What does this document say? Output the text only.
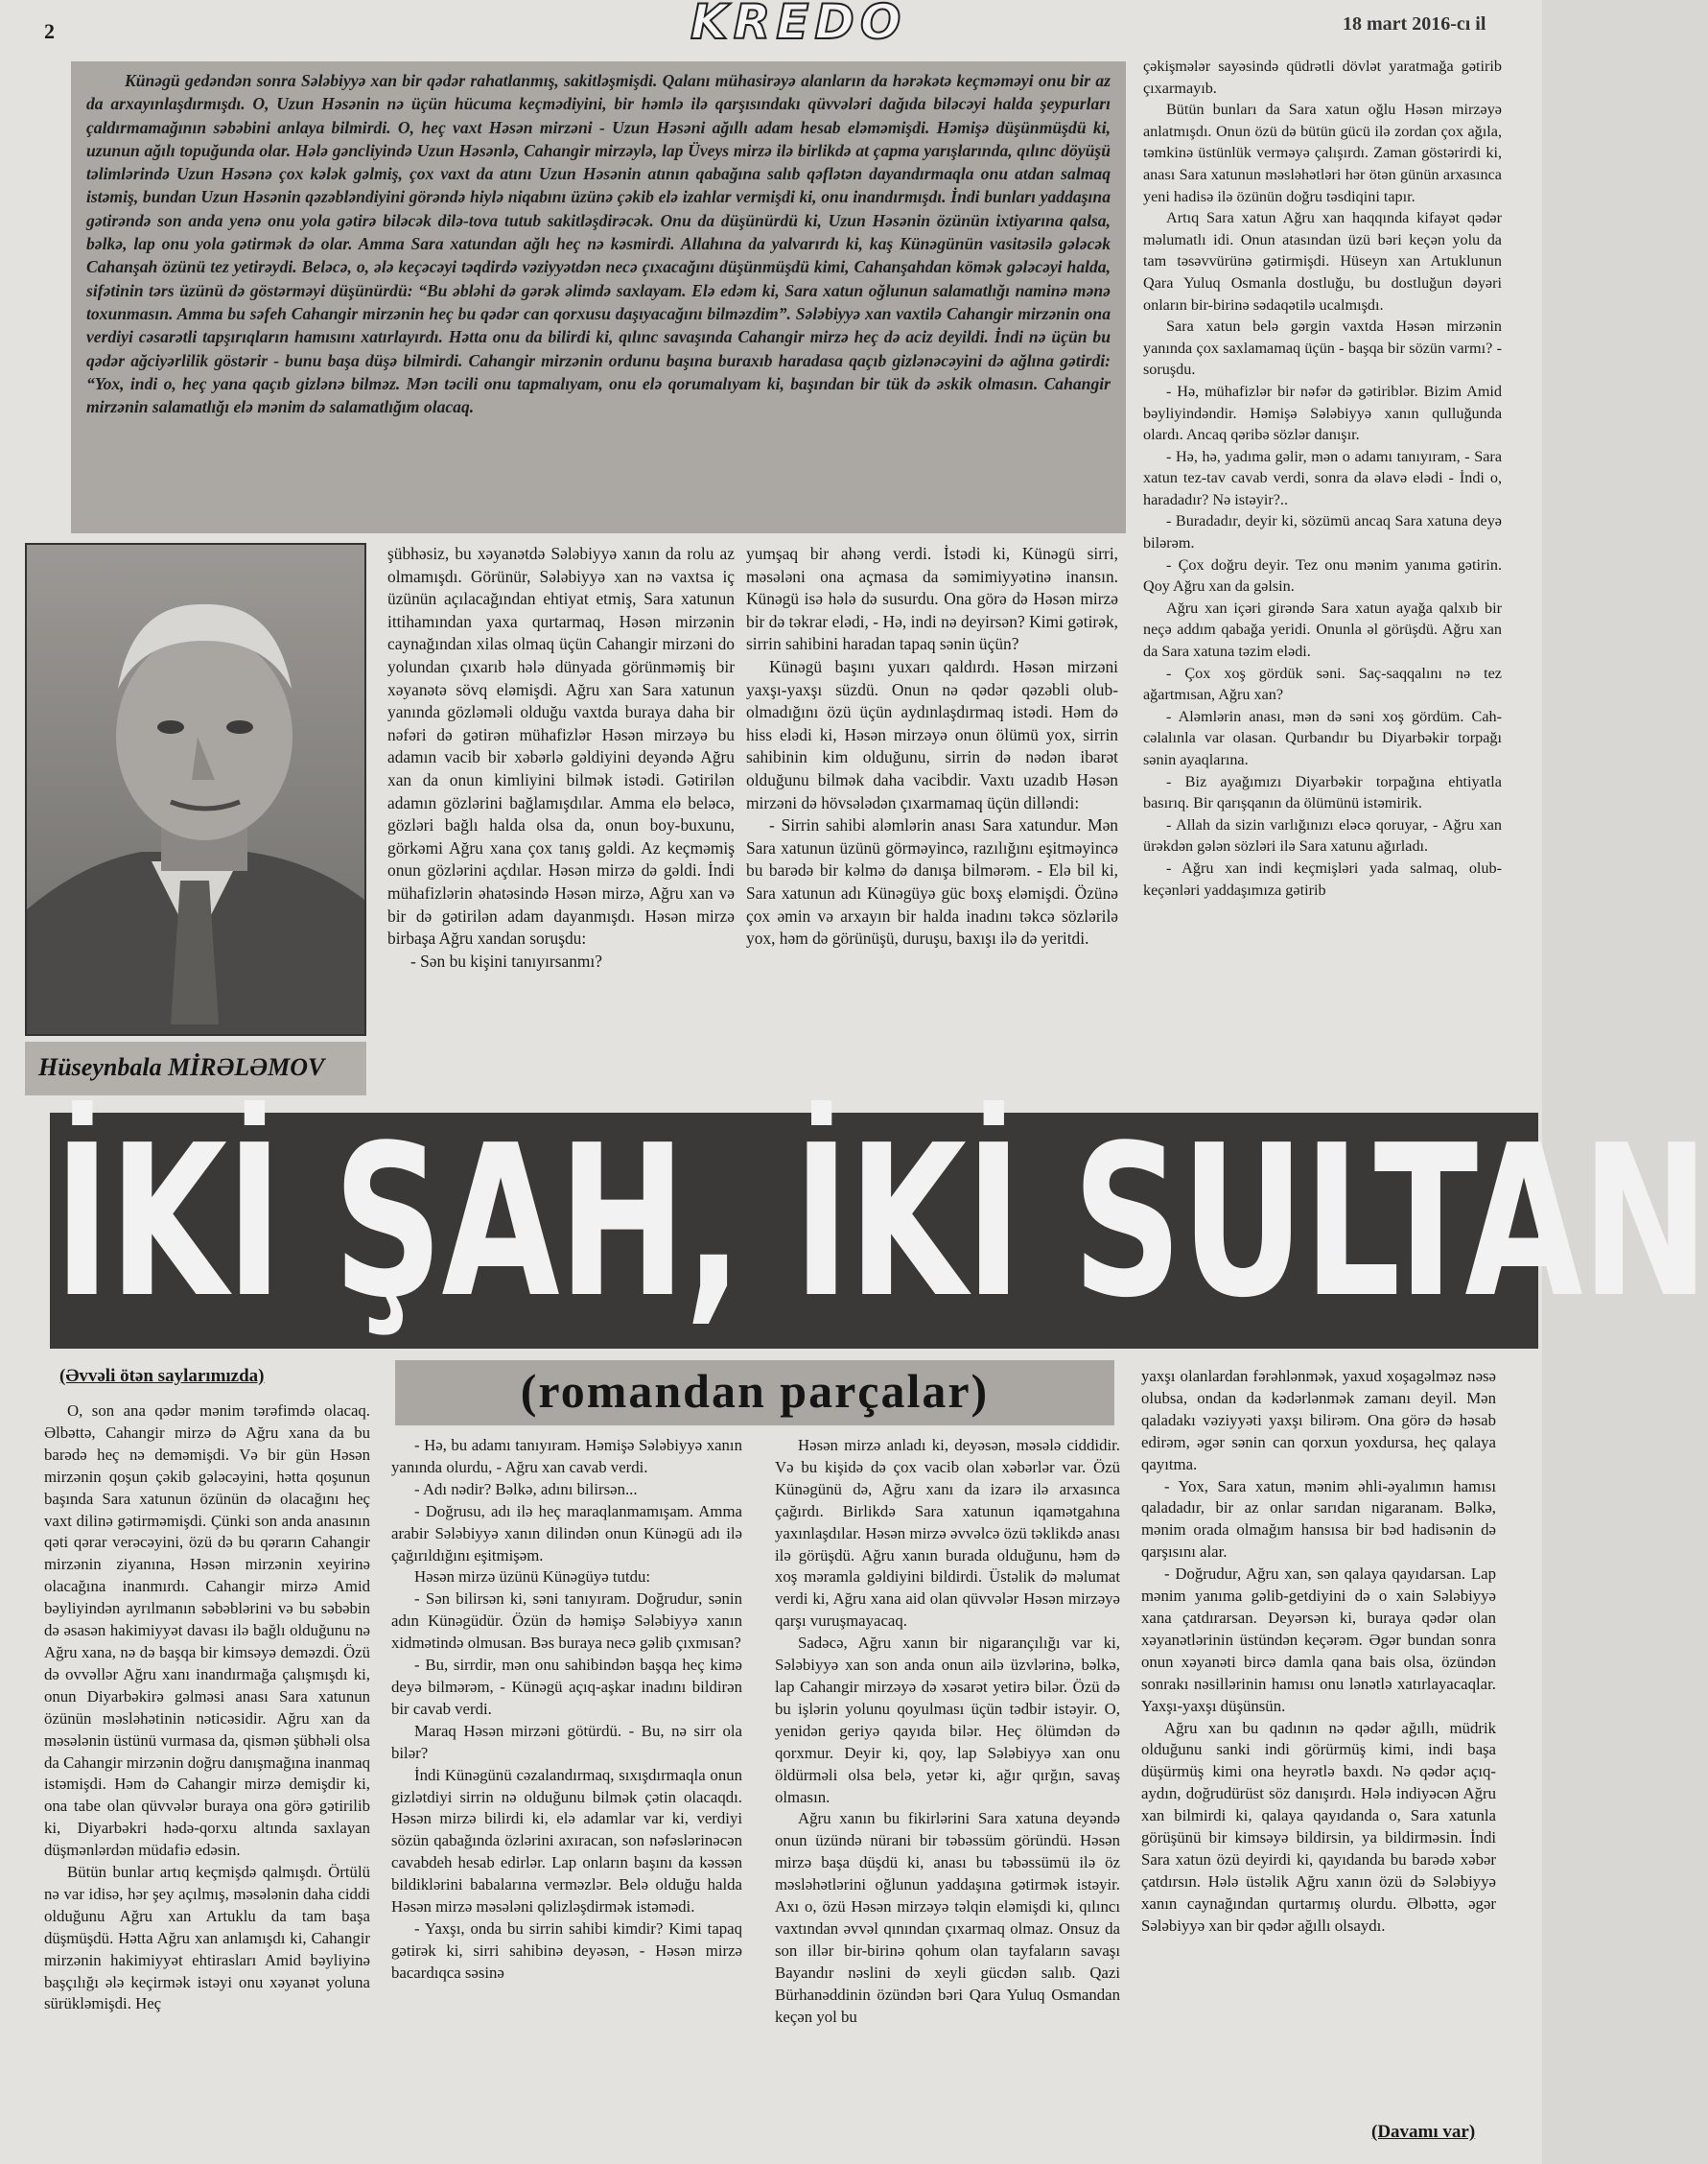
2	KREDO	18 mart 2016-cı il

Künəgü gedəndən sonra Sələbiyyə xan bir qədər rahatlanmış, sakitləşmişdi. Qalanı mühasirəyə alanların da hərəkətə keçməməyi onu bir az da arxayınlaşdırmışdı. O, Uzun Həsənin nə üçün hücuma keçmədiyini, bir həmlə ilə qarşısındakı qüvvələri dağıda biləcəyi halda şeypurları çaldırmamağının səbəbini anlaya bilmirdi. O, heç vaxt Həsən mirzəni - Uzun Həsəni ağıllı adam hesab eləməmişdi. Həmişə düşünmüşdü ki, uzunun ağılı topuğunda olar. Hələ gəncliyində Uzun Həsənlə, Cahangir mirzəylə, lap Üveys mirzə ilə birlikdə at çapma yarışlarında, qılınc döyüşü təlimlərində Uzun Həsənə çox kələk gəlmiş, çox vaxt da atını Uzun Həsənin atının qabağına salıb qəflətən dayandırmaqla onu atdan salmaq istəmiş, bundan Uzun Həsənin qəzəbləndiyini görəndə hiylə niqabını üzünə çəkib elə izahlar vermişdi ki, onu inandırmışdı. İndi bunları yaddaşına gətirəndə son anda yenə onu yola gətirə biləcək dilə-tova tutub sakitləşdirəcək. Onu da düşünürdü ki, Uzun Həsənin özünün ixtiyarına qalsa, bəlkə, lap onu yola gətirmək də olar. Amma Sara xatundan ağlı heç nə kəsmirdi. Allahına da yalvarırdı ki, kaş Künəgünün vasitəsilə gələcək Cahanşah özünü tez yetirəydi. Beləcə, o, ələ keçəcəyi təqdirdə vəziyyətdən necə çıxacağını düşünmüşdü kimi, Cahanşahdan kömək gələcəyi halda, sifətinin tərs üzünü də göstərməyi düşünürdü: “Bu əbləhi də gərək əlimdə saxlayam. Elə edəm ki, Sara xatun oğlunun salamatlığı naminə mənə toxunmasın. Amma bu səfeh Cahangir mirzənin heç bu qədər can qorxusu daşıyacağını bilməzdim”. Sələbiyyə xan vaxtilə Cahangir mirzənin ona verdiyi cəsarətli tapşırıqların hamısını xatırlayırdı. Hətta onu da bilirdi ki, qılınc savaşında Cahangir mirzə heç də aciz deyildi. İndi nə üçün bu qədər ağciyərlilik göstərir - bunu başa düşə bilmirdi. Cahangir mirzənin ordunu başına buraxıb haradasa qaçıb gizlənəcəyini də ağlına gətirdi: “Yox, indi o, heç yana qaçıb gizlənə bilməz. Mən təcili onu tapmalıyam, onu elə qorumalıyam ki, başından bir tük də əskik olmasın. Cahangir mirzənin salamatlığı elə mənim də salamatlığım olacaq.

şübhəsiz, bu xəyanətdə Sələbiyyə xanın da rolu az olmamışdı. Görünür, Sələbiyyə xan nə vaxtsa iç üzünün açılacağından ehtiyat etmiş, Sara xatunun ittihamından yaxa qurtarmaq, Həsən mirzənin caynağından xilas olmaq üçün Cahangir mirzəni do yolundan çıxarıb hələ dünyada görünməmiş bir xəyanətə sövq eləmişdi. Ağru xan Sara xatunun yanında gözləməli olduğu vaxtda buraya daha bir nəfəri də gətirən mühafizlər Həsən mirzəyə bu adamın vacib bir xəbərlə gəldiyini deyəndə Ağru xan da onun kimliyini bilmək istədi. Gətirilən adamın gözlərini bağlamışdılar. Amma elə beləcə, gözləri bağlı halda olsa da, onun boy-buxunu, görkəmi Ağru xana çox tanış gəldi. Az keçməmiş onun gözlərini açdılar. Həsən mirzə də gəldi. İndi mühafizlərin əhatəsində Həsən mirzə, Ağru xan və bir də gətirilən adam dayanmışdı. Həsən mirzə birbaşa Ağru xandan soruşdu:

- Sən bu kişini tanıyırsanmı?

yumşaq bir ahəng verdi. İstədi ki, Künəgü sirri, məsələni ona açmasa da səmimiyyətinə inansın. Künəgü isə hələ də susurdu. Ona görə də Həsən mirzə bir də təkrar elədi, - Hə, indi nə deyirsən? Kimi gətirək, sirrin sahibini haradan tapaq sənin üçün?

Künəgü başını yuxarı qaldırdı. Həsən mirzəni yaxşı-yaxşı süzdü. Onun nə qədər qəzəbli olub-olmadığını özü üçün aydınlaşdırmaq istədi. Həm də hiss elədi ki, Həsən mirzəyə onun ölümü yox, sirrin sahibinin kim olduğunu, sirrin də nədən ibarət olduğunu bilmək daha vacibdir. Vaxtı uzadıb Həsən mirzəni də hövsələdən çıxarmamaq üçün dilləndi:

- Sirrin sahibi aləmlərin anası Sara xatundur. Mən Sara xatunun üzünü görməyincə, razılığını eşitməyincə bu barədə bir kəlmə də danışa bilmərəm. - Elə bil ki, Sara xatunun adı Künəgüyə güc boxş eləmişdi. Özünə çox əmin və arxayın bir halda inadını təkcə sözlərilə yox, həm də görünüşü, duruşu, baxışı ilə də yeritdi.

çəkişmələr sayəsində qüdrətli dövlət yaratmağa gətirib çıxarmayıb.

Bütün bunları da Sara xatun oğlu Həsən mirzəyə anlatmışdı. Onun özü də bütün gücü ilə zordan çox ağıla, təmkinə üstünlük verməyə çalışırdı. Zaman göstərirdi ki, anası Sara xatunun məsləhətləri hər ötən günün arxasınca yeni hadisə ilə özünün doğru təsdiqini tapır.

Artıq Sara xatun Ağru xan haqqında kifayət qədər məlumatlı idi. Onun atasından üzü bəri keçən yolu da tam təsəvvürünə gətirmişdi. Hüseyn xan Artuklunun Qara Yuluq Osmanla dostluğu, bu dostluğun dəyəri onların bir-birinə sədaqətilə ucalmışdı.

Sara xatun belə gərgin vaxtda Həsən mirzənin yanında çox saxlamamaq üçün - başqa bir sözün varmı? - soruşdu.

- Hə, mühafizlər bir nəfər də gətiriblər. Bizim Amid bəyliyindəndir. Həmişə Sələbiyyə xanın qulluğunda olardı. Ancaq qəribə sözlər danışır.

- Hə, hə, yadıma gəlir, mən o adamı tanıyıram, - Sara xatun tez-tav cavab verdi, sonra da əlavə elədi - İndi o, haradadır? Nə istəyir?..

- Buradadır, deyir ki, sözümü ancaq Sara xatuna deyə bilərəm.

- Çox doğru deyir. Tez onu mənim yanıma gətirin. Qoy Ağru xan da gəlsin.

Ağru xan içəri girəndə Sara xatun ayağa qalxıb bir neçə addım qabağa yeridi. Onunla əl görüşdü. Ağru xan da Sara xatuna təzim elədi.

- Çox xoş gördük səni. Saç-saqqalını nə tez ağartmısan, Ağru xan?

- Aləmlərin anası, mən də səni xoş gördüm. Cah-cəlalınla var olasan. Qurbandır bu Diyarbəkir torpağı sənin ayaqlarına.

- Biz ayağımızı Diyarbəkir torpağına ehtiyatla basırıq. Bir qarışqanın da ölümünü istəmirik.

- Allah da sizin varlığınızı eləcə qoruyar, - Ağru xan ürəkdən gələn sözləri ilə Sara xatunu ağırladı.

- Ağru xan indi keçmişləri yada salmaq, olub-keçənləri yaddaşımıza gətirib

Hüseynbala MİRƏLƏMOV
İKİ ŞAH, İKİ SULTAN
(Əvvəli ötən saylarımızda)	(romandan parçalar)

O, son ana qədər mənim tərəfimdə olacaq. Əlbəttə, Cahangir mirzə də Ağru xana da bu barədə heç nə deməmişdi. Və bir gün Həsən mirzənin qoşun çəkib gələcəyini, hətta qoşunun başında Sara xatunun özünün də olacağını heç vaxt dilinə gətirməmişdi. Çünki son anda anasının qəti qərar verəcəyini, özü də bu qərarın Cahangir mirzənin ziyanına, Həsən mirzənin xeyirinə olacağına inanmırdı. Cahangir mirzə Amid bəyliyindən ayrılmanın səbəblərini və bu səbəbin də əsasən hakimiyyət davası ilə bağlı olduğunu nə Ağru xana, nə də başqa bir kimsəyə deməzdi. Özü də ovvəllər Ağru xanı inandırmağa çalışmışdı ki, onun Diyarbəkirə gəlməsi anası Sara xatunun özünün məsləhətinin nəticəsidir. Ağru xan da məsələnin üstünü vurmasa da, qismən şübhəli olsa da Cahangir mirzənin doğru danışmağına inanmaq istəmişdi. Həm də Cahangir mirzə demişdir ki, ona tabe olan qüvvələr buraya ona görə gətirilib ki, Diyarbəkri hədə-qorxu altında saxlayan düşmənlərdən müdafiə edəsin.

Bütün bunlar artıq keçmişdə qalmışdı. Örtülü nə var idisə, hər şey açılmış, məsələnin daha ciddi olduğunu Ağru xan Artuklu da tam başa düşmüşdü. Hətta Ağru xan anlamışdı ki, Cahangir mirzənin hakimiyyət ehtirasları Amid bəyliyinə başçılığı ələ keçirmək istəyi onu xəyanət yoluna sürükləmişdi. Heç

- Hə, bu adamı tanıyıram. Həmişə Sələbiyyə xanın yanında olurdu, - Ağru xan cavab verdi.

- Adı nədir? Bəlkə, adını bilirsən...

- Doğrusu, adı ilə heç maraqlanmamışam. Amma arabir Sələbiyyə xanın dilindən onun Künəgü adı ilə çağırıldığını eşitmişəm.

Həsən mirzə üzünü Künəgüyə tutdu:

- Sən bilirsən ki, səni tanıyıram. Doğrudur, sənin adın Künəgüdür. Özün də həmişə Sələbiyyə xanın xidmətində olmusan. Bəs buraya necə gəlib çıxmısan?

- Bu, sirrdir, mən onu sahibindən başqa heç kimə deyə bilmərəm, - Künəgü açıq-aşkar inadını bildirən bir cavab verdi.

Maraq Həsən mirzəni götürdü. - Bu, nə sirr ola bilər?

İndi Künəgünü cəzalandırmaq, sıxışdırmaqla onun gizlətdiyi sirrin nə olduğunu bilmək çətin olacaqdı. Həsən mirzə bilirdi ki, elə adamlar var ki, verdiyi sözün qabağında özlərini axıracan, son nəfəslərinəcən cavabdeh hesab edirlər. Lap onların başını da kəssən bildiklərini babalarına verməzlər. Belə olduğu halda Həsən mirzə məsələni qəlizləşdirmək istəmədi.

- Yaxşı, onda bu sirrin sahibi kimdir? Kimi tapaq gətirək ki, sirri sahibinə deyəsən, - Həsən mirzə bacardıqca səsinə

Həsən mirzə anladı ki, deyəsən, məsələ ciddidir. Və bu kişidə də çox vacib olan xəbərlər var. Özü Künəgünü də, Ağru xanı da izarə ilə arxasınca çağırdı. Birlikdə Sara xatunun iqamətgahına yaxınlaşdılar. Həsən mirzə əvvəlcə özü təklikdə anası ilə görüşdü. Ağru xanın burada olduğunu, həm də xoş məramla gəldiyini bildirdi. Üstəlik də məlumat verdi ki, Ağru xana aid olan qüvvələr Həsən mirzəyə qarşı vuruşmayacaq.

Sadəcə, Ağru xanın bir nigarançılığı var ki, Sələbiyyə xan son anda onun ailə üzvlərinə, bəlkə, lap Cahangir mirzəyə də xəsarət yetirə bilər. Özü də bu işlərin yolunu qoyulması üçün tədbir istəyir. O, yenidən geriyə qayıda bilər. Heç ölümdən də qorxmur. Deyir ki, qoy, lap Sələbiyyə xan onu öldürməli olsa belə, yetər ki, ağır qırğın, savaş olmasın.

Ağru xanın bu fikirlərini Sara xatuna deyəndə onun üzündə nürani bir təbəssüm göründü. Həsən mirzə başa düşdü ki, anası bu təbəssümü ilə öz məsləhətlərini oğlunun yaddaşına gətirmək istəyir. Axı o, özü Həsən mirzəyə təlqin eləmişdi ki, qılıncı vaxtından əvvəl qınından çıxarmaq olmaz. Onsuz da son illər bir-birinə qohum olan tayfaların savaşı Bayandır nəslini də xeyli gücdən salıb. Qazi Bürhanəddinin özündən bəri Qara Yuluq Osmandan keçən yol bu

yaxşı olanlardan fərəhlənmək, yaxud xoşagəlməz nəsə olubsa, ondan da kədərlənmək zamanı deyil. Mən qaladakı vəziyyəti yaxşı bilirəm. Ona görə də həsab edirəm, əgər sənin can qorxun yoxdursa, heç qalaya qayıtma.

- Yox, Sara xatun, mənim əhli-əyalımın hamısı qaladadır, bir az onlar sarıdan nigaranam. Bəlkə, mənim orada olmağım hansısa bir bəd hadisənin də qarşısını alar.

- Doğrudur, Ağru xan, sən qalaya qayıdarsan. Lap mənim yanıma gəlib-getdiyini də o xain Sələbiyyə xana çatdırarsan. Deyərsən ki, buraya qədər olan xəyanətlərinin üstündən keçərəm. Əgər bundan sonra onun xəyanəti bircə damla qana bais olsa, özündən sonrakı nəsillərinin hamısı onu lənətlə xatırlayacaqlar. Yaxşı-yaxşı düşünsün.

Ağru xan bu qadının nə qədər ağıllı, müdrik olduğunu sanki indi görürmüş kimi, indi başa düşürmüş kimi ona heyrətlə baxdı. Nə qədər açıq-aydın, doğrudürüst söz danışırdı. Hələ indiyəcən Ağru xan bilmirdi ki, qalaya qayıdanda o, Sara xatunla görüşünü bir kimsəyə bildirsin, ya bildirməsin. İndi Sara xatun özü deyirdi ki, qayıdanda bu barədə xəbər çatdırsın. Hələ üstəlik Ağru xanın özü də Sələbiyyə xanın caynağından qurtarmış olurdu. Əlbəttə, əgər Sələbiyyə xan bir qədər ağıllı olsaydı.

(Davamı var)
